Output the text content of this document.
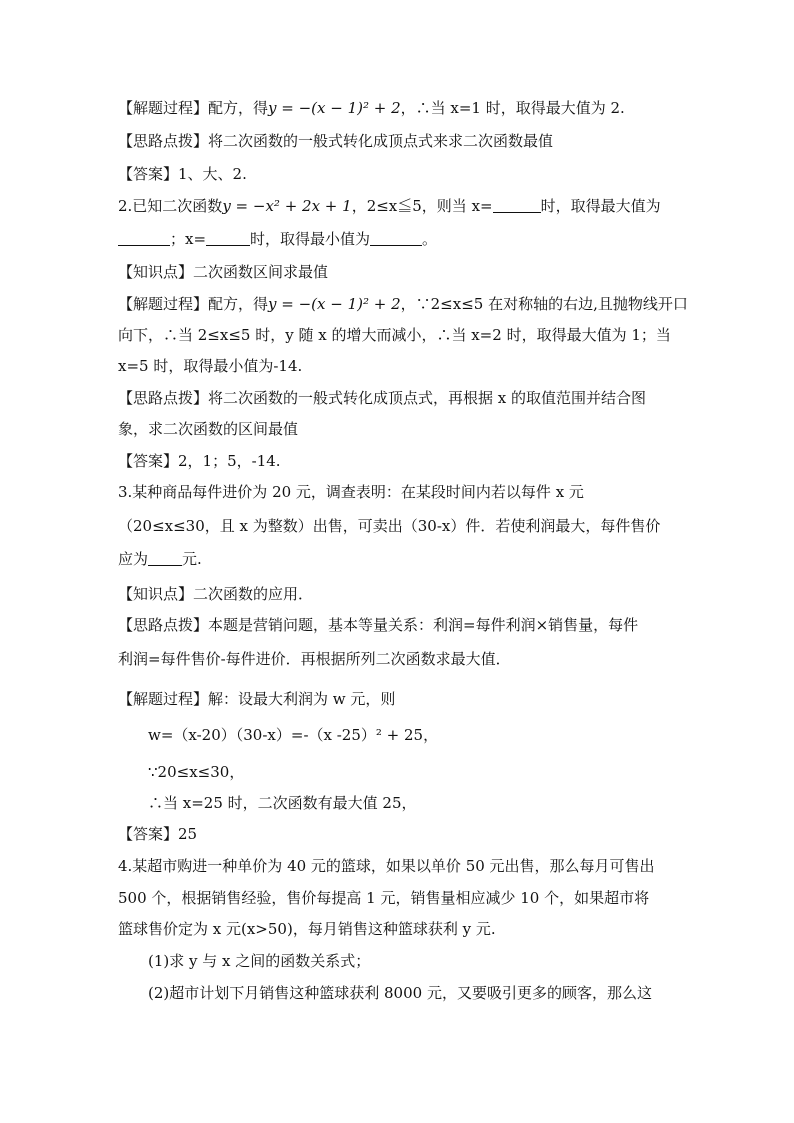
【解题过程】配方，得y = −(x − 1)² + 2，∴当 x=1 时，取得最大值为 2.
【思路点拨】将二次函数的一般式转化成顶点式来求二次函数最值
【答案】1、大、2.
2.已知二次函数y = −x² + 2x + 1，2≤x≦5，则当 x=	时，取得最大值为
；x=	时，取得最小值为	。
【知识点】二次函数区间求最值
【解题过程】配方，得y = −(x − 1)² + 2，∵2≤x≤5 在对称轴的右边,且抛物线开口
向下，∴当 2≤x≤5 时，y 随 x 的增大而减小，∴当 x=2 时，取得最大值为 1；当
x=5 时，取得最小值为-14.
【思路点拨】将二次函数的一般式转化成顶点式，再根据 x 的取值范围并结合图
象，求二次函数的区间最值
【答案】2，1；5，-14.
3.某种商品每件进价为 20 元，调查表明：在某段时间内若以每件 x 元
（20≤x≤30，且 x 为整数）出售，可卖出（30-x）件．若使利润最大，每件售价
应为 元.
【知识点】二次函数的应用．
【思路点拨】本题是营销问题，基本等量关系：利润=每件利润×销售量，每件
利润=每件售价-每件进价．再根据所列二次函数求最大值．
【解题过程】解：设最大利润为 w 元，则
w=（x-20）（30-x）=-（x -25）² + 25，
∵20≤x≤30，
∴当 x=25 时，二次函数有最大值 25，
【答案】25
4.某超市购进一种单价为 40 元的篮球，如果以单价 50 元出售，那么每月可售出
500 个，根据销售经验，售价每提高 1 元，销售量相应减少 10 个，如果超市将
篮球售价定为 x 元(x>50)，每月销售这种篮球获利 y 元.
(1)求 y 与 x 之间的函数关系式；
(2)超市计划下月销售这种篮球获利 8000 元，又要吸引更多的顾客，那么这
